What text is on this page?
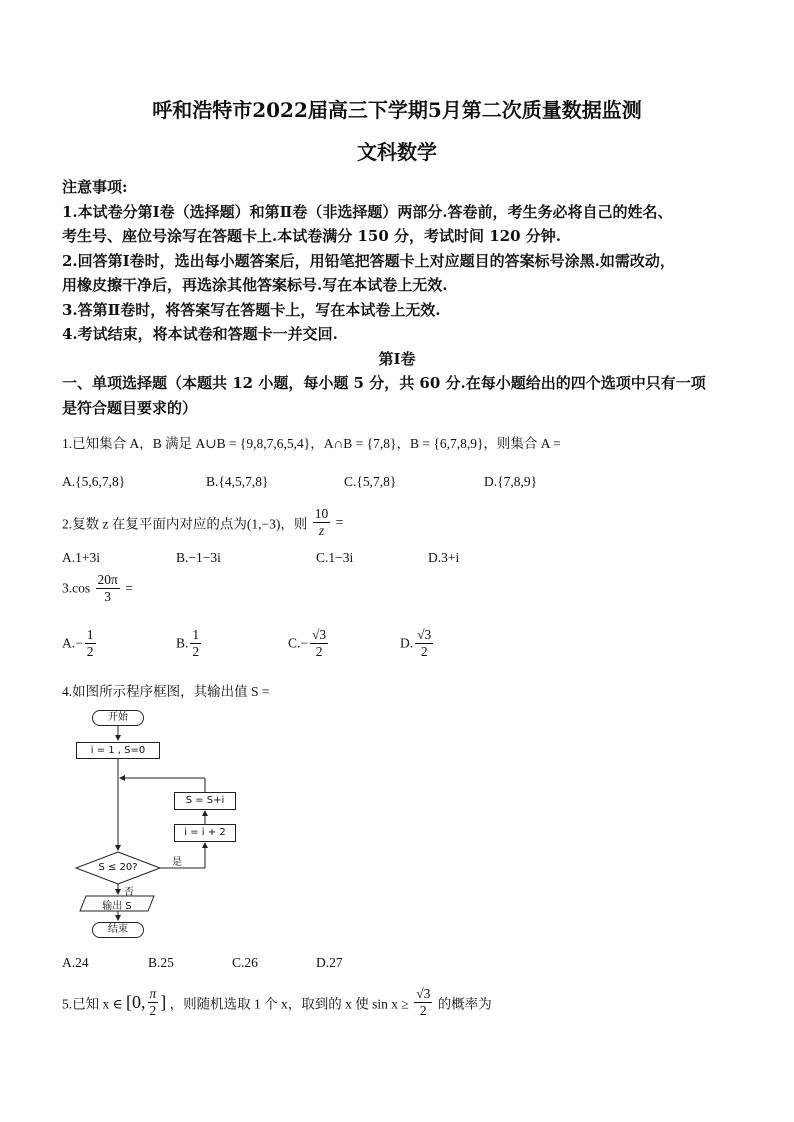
呼和浩特市2022届高三下学期5月第二次质量数据监测
文科数学
注意事项:
1.本试卷分第Ⅰ卷（选择题）和第Ⅱ卷（非选择题）两部分.答卷前，考生务必将自己的姓名、
考生号、座位号涂写在答题卡上.本试卷满分 150 分，考试时间 120 分钟.
2.回答第Ⅰ卷时，选出每小题答案后，用铅笔把答题卡上对应题目的答案标号涂黑.如需改动，
用橡皮擦干净后，再选涂其他答案标号.写在本试卷上无效.
3.答第Ⅱ卷时，将答案写在答题卡上，写在本试卷上无效.
4.考试结束，将本试卷和答题卡一并交回.
第Ⅰ卷
一、单项选择题（本题共 12 小题，每小题 5 分，共 60 分.在每小题给出的四个选项中只有一项
是符合题目要求的）
1.已知集合 A，B 满足 A∪B = {9,8,7,6,5,4}，A∩B = {7,8}，B = {6,7,8,9}，则集合 A =
A.{5,6,7,8}	B.{4,5,7,8}	C.{5,7,8}	D.{7,8,9}
2.复数 z 在复平面内对应的点为(1,−3)，则 $\frac{10}{z}$ =
A.1+3i	B.−1−3i	C.1−3i	D.3+i
$3.\cos \frac{20\pi}{3}$ =
$A.- \frac{1}{2}$	B. $\frac{1}{2}$	$C.- \frac{√3}{2}$	D. $\frac{√3}{2}$
4.如图所示程序框图，其输出值 S =
开始
i = 1 , S=0
S = S+i
i = i + 2
S ≤ 20?	是
否
输出 S
结束
A.24	B.25	C.26	D.27
5.已知 x ∈ [0, $\frac{\pi}{2}$ ] ，则随机选取 1 个 x，取到的 x 使 $\sin x \ge \frac{√3}{2}$ 的概率为
